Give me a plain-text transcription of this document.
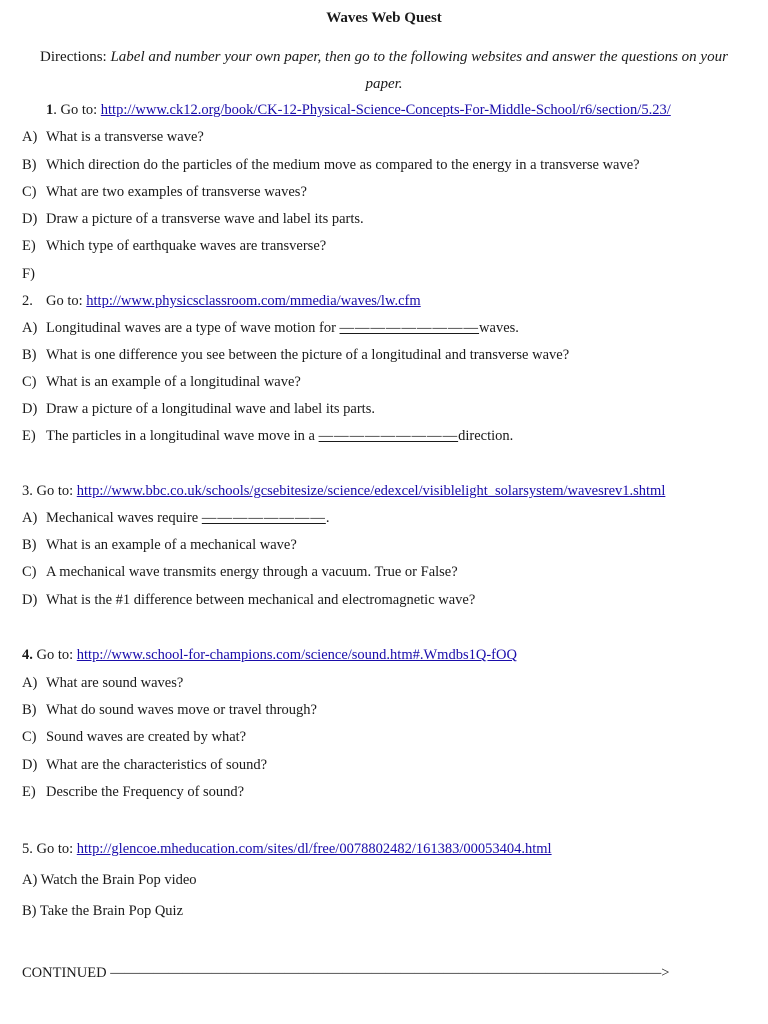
Waves Web Quest
Directions: Label and number your own paper, then go to the following websites and answer the questions on your paper.
1. Go to: http://www.ck12.org/book/CK-12-Physical-Science-Concepts-For-Middle-School/r6/section/5.23/
A) What is a transverse wave?
B) Which direction do the particles of the medium move as compared to the energy in a transverse wave?
C) What are two examples of transverse waves?
D) Draw a picture of a transverse wave and label its parts.
E) Which type of earthquake waves are transverse?
F)
2. Go to: http://www.physicsclassroom.com/mmedia/waves/lw.cfm
A) Longitudinal waves are a type of wave motion for —————————waves.
B) What is one difference you see between the picture of a longitudinal and transverse wave?
C) What is an example of a longitudinal wave?
D) Draw a picture of a longitudinal wave and label its parts.
E) The particles in a longitudinal wave move in a —————————direction.
3. Go to: http://www.bbc.co.uk/schools/gcsebitesize/science/edexcel/visiblelight_solarsystem/wavesrev1.shtml
A) Mechanical waves require ————————.
B) What is an example of a mechanical wave?
C) A mechanical wave transmits energy through a vacuum. True or False?
D) What is the #1 difference between mechanical and electromagnetic wave?
4. Go to: http://www.school-for-champions.com/science/sound.htm#.Wmdbs1Q-fOQ
A) What are sound waves?
B) What do sound waves move or travel through?
C) Sound waves are created by what?
D) What are the characteristics of sound?
E) Describe the Frequency of sound?
5. Go to: http://glencoe.mheducation.com/sites/dl/free/0078802482/161383/00053404.html
A) Watch the Brain Pop video
B) Take the Brain Pop Quiz
CONTINUED ——————————————————————————————————————>
